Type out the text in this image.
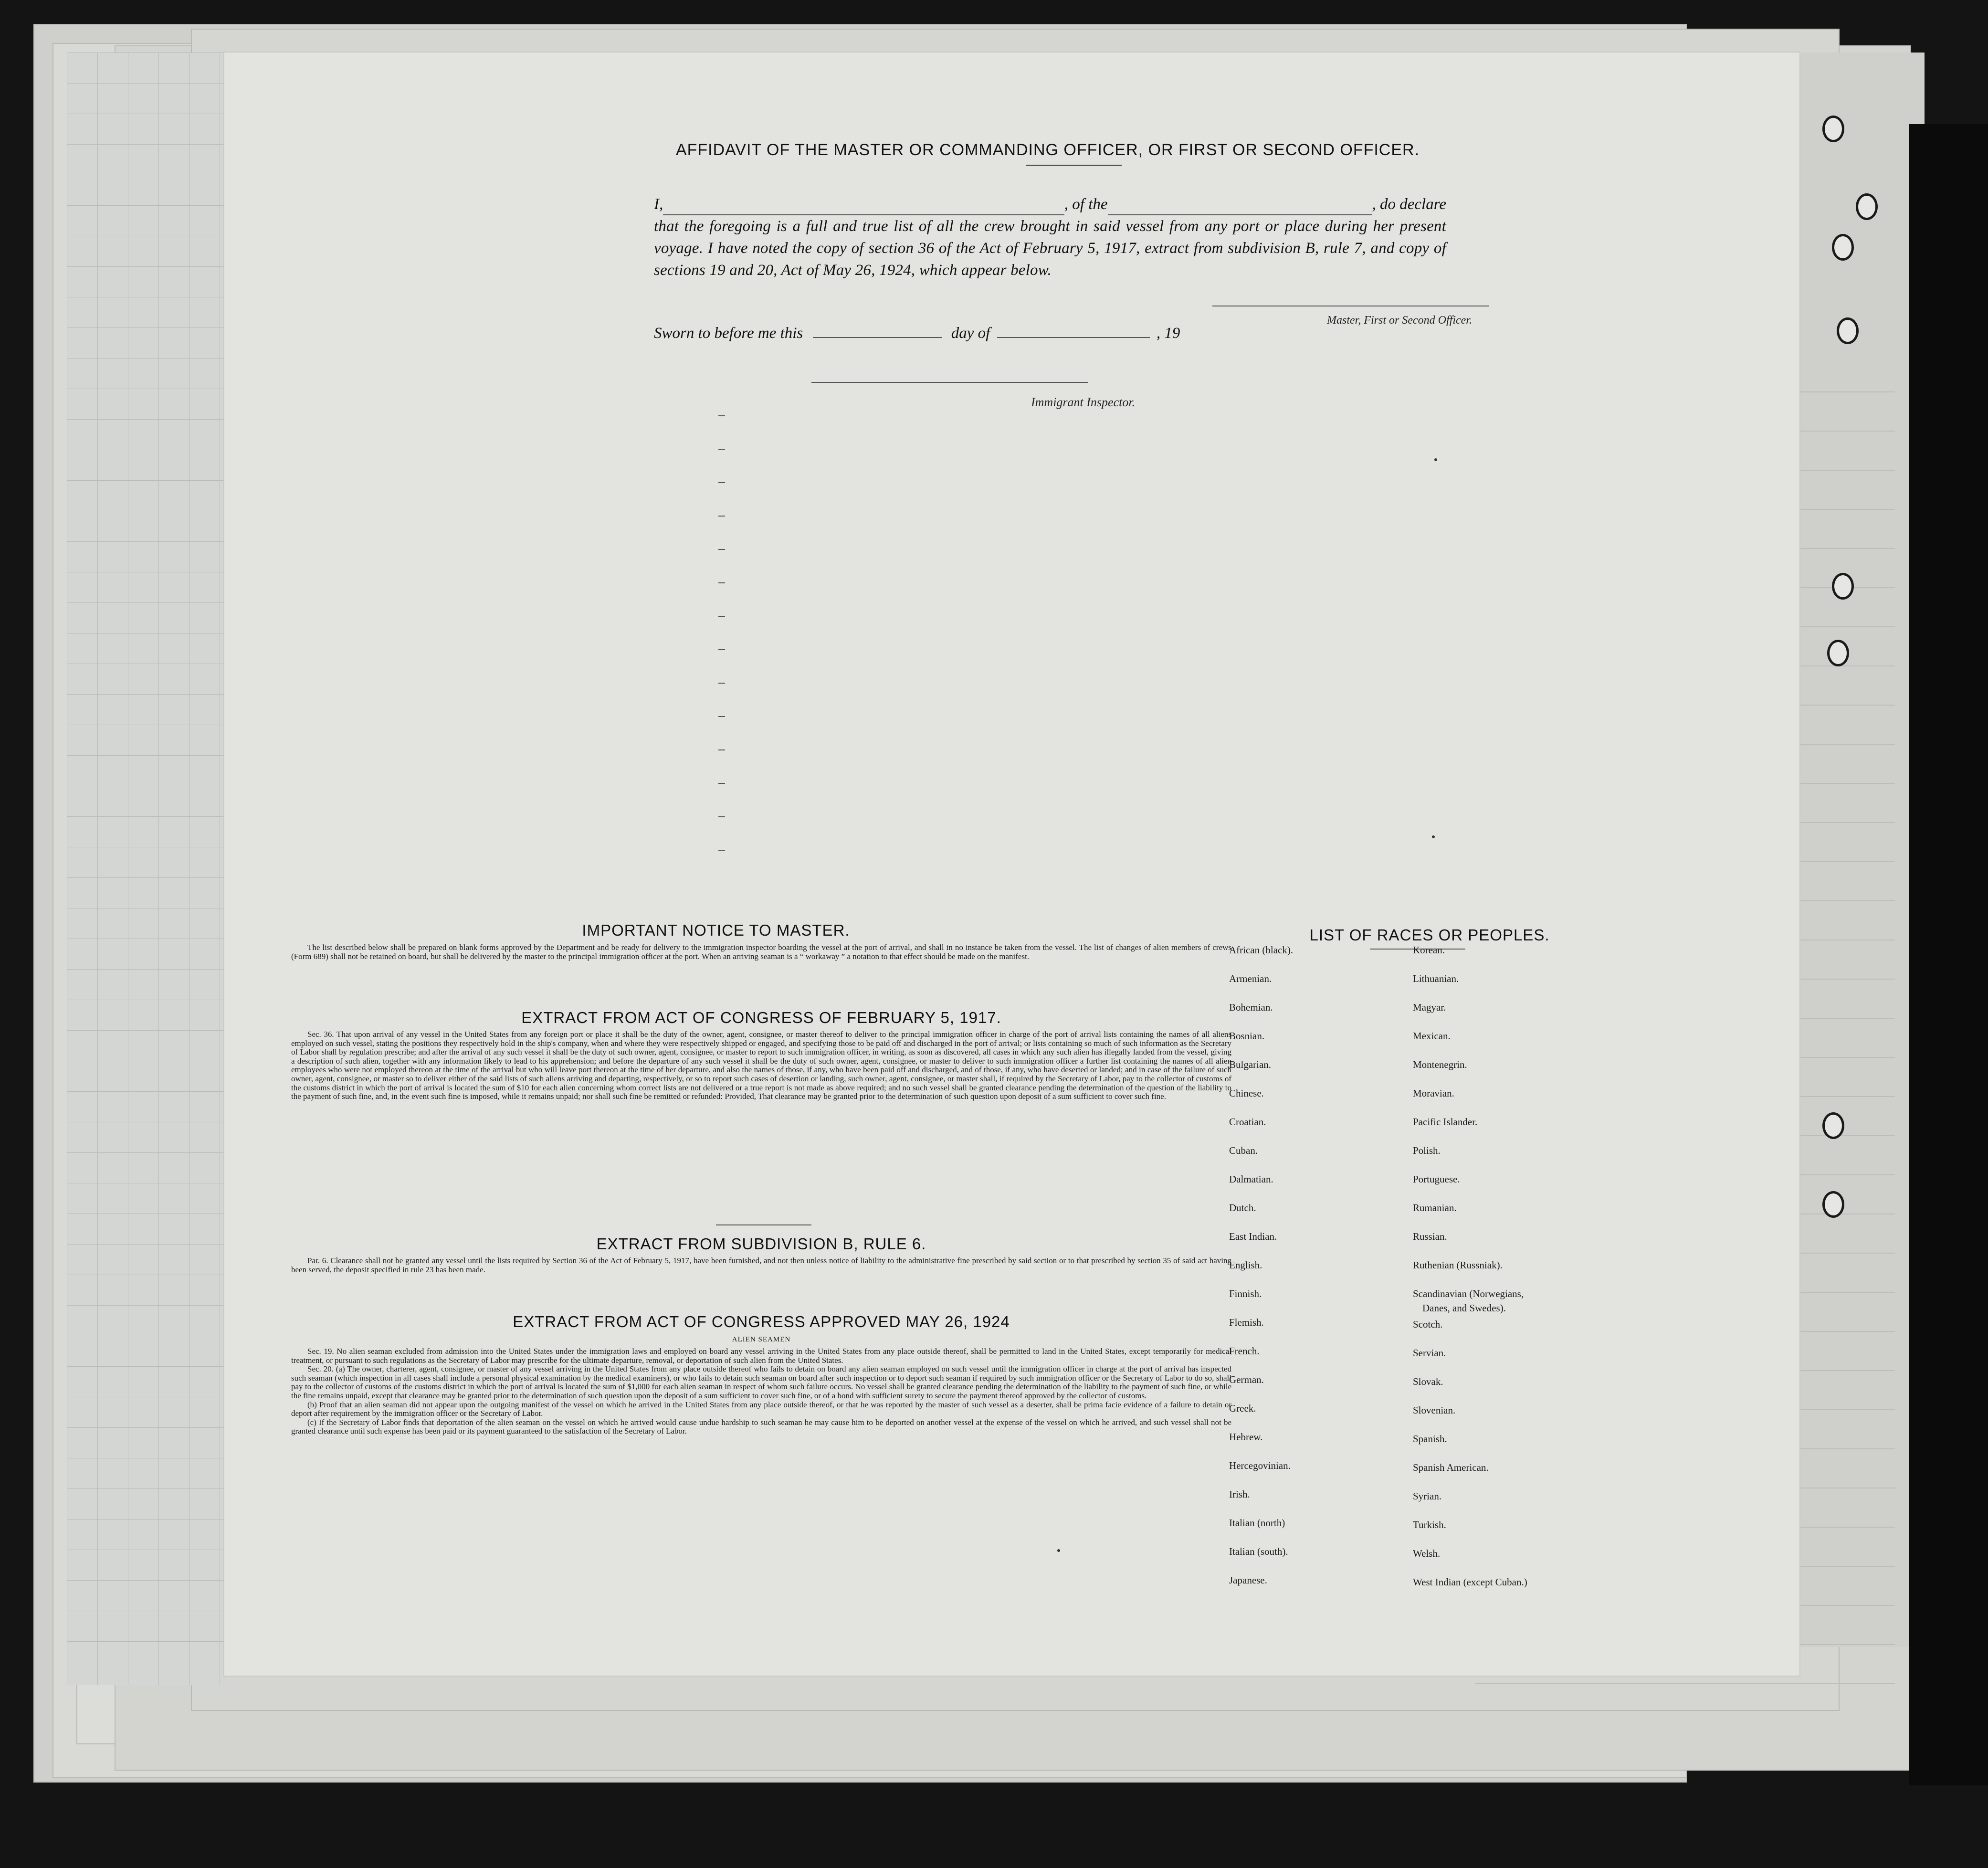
AFFIDAVIT OF THE MASTER OR COMMANDING OFFICER, OR FIRST OR SECOND OFFICER.
I,	, of the	, do declare
that the foregoing is a full and true list of all the crew brought in said vessel from any port or place during her present voyage. I have noted the copy of section 36 of the Act of February 5, 1917, extract from subdivision B, rule 7, and copy of sections 19 and 20, Act of May 26, 1924, which appear below.
Master, First or Second Officer.
Sworn to before me this	day of	, 19
Immigrant Inspector.
IMPORTANT NOTICE TO MASTER.

The list described below shall be prepared on blank forms approved by the Department and be ready for delivery to the immigration inspector boarding the vessel at the port of arrival, and shall in no instance be taken from the vessel. The list of changes of alien members of crews (Form 689) shall not be retained on board, but shall be delivered by the master to the principal immigration officer at the port. When an arriving seaman is a “ workaway ” a notation to that effect should be made on the manifest.

EXTRACT FROM ACT OF CONGRESS OF FEBRUARY 5, 1917.

Sec. 36. That upon arrival of any vessel in the United States from any foreign port or place it shall be the duty of the owner, agent, consignee, or master thereof to deliver to the principal immigration officer in charge of the port of arrival lists containing the names of all aliens employed on such vessel, stating the positions they respectively hold in the ship's company, when and where they were respectively shipped or engaged, and specifying those to be paid off and discharged in the port of arrival; or lists containing so much of such information as the Secretary of Labor shall by regulation prescribe; and after the arrival of any such vessel it shall be the duty of such owner, agent, consignee, or master to report to such immigration officer, in writing, as soon as discovered, all cases in which any such alien has illegally landed from the vessel, giving a description of such alien, together with any information likely to lead to his apprehension; and before the departure of any such vessel it shall be the duty of such owner, agent, consignee, or master to deliver to such immigration officer a further list containing the names of all alien employees who were not employed thereon at the time of the arrival but who will leave port thereon at the time of her departure, and also the names of those, if any, who have been paid off and discharged, and of those, if any, who have deserted or landed; and in case of the failure of such owner, agent, consignee, or master so to deliver either of the said lists of such aliens arriving and departing, respectively, or so to report such cases of desertion or landing, such owner, agent, consignee, or master shall, if required by the Secretary of Labor, pay to the collector of customs of the customs district in which the port of arrival is located the sum of $10 for each alien concerning whom correct lists are not delivered or a true report is not made as above required; and no such vessel shall be granted clearance pending the determination of the question of the liability to the payment of such fine, and, in the event such fine is imposed, while it remains unpaid; nor shall such fine be remitted or refunded: Provided, That clearance may be granted prior to the determination of such question upon deposit of a sum sufficient to cover such fine.

EXTRACT FROM SUBDIVISION B, RULE 6.

Par. 6. Clearance shall not be granted any vessel until the lists required by Section 36 of the Act of February 5, 1917, have been furnished, and not then unless notice of liability to the administrative fine prescribed by said section or to that prescribed by section 35 of said act having been served, the deposit specified in rule 23 has been made.

EXTRACT FROM ACT OF CONGRESS APPROVED MAY 26, 1924
ALIEN SEAMEN

Sec. 19. No alien seaman excluded from admission into the United States under the immigration laws and employed on board any vessel arriving in the United States from any place outside thereof, shall be permitted to land in the United States, except temporarily for medical treatment, or pursuant to such regulations as the Secretary of Labor may prescribe for the ultimate departure, removal, or deportation of such alien from the United States.

Sec. 20. (a) The owner, charterer, agent, consignee, or master of any vessel arriving in the United States from any place outside thereof who fails to detain on board any alien seaman employed on such vessel until the immigration officer in charge at the port of arrival has inspected such seaman (which inspection in all cases shall include a personal physical examination by the medical examiners), or who fails to detain such seaman on board after such inspection or to deport such seaman if required by such immigration officer or the Secretary of Labor to do so, shall pay to the collector of customs of the customs district in which the port of arrival is located the sum of $1,000 for each alien seaman in respect of whom such failure occurs. No vessel shall be granted clearance pending the determination of the liability to the payment of such fine, or while the fine remains unpaid, except that clearance may be granted prior to the determination of such question upon the deposit of a sum sufficient to cover such fine, or of a bond with sufficient surety to secure the payment thereof approved by the collector of customs.

(b) Proof that an alien seaman did not appear upon the outgoing manifest of the vessel on which he arrived in the United States from any place outside thereof, or that he was reported by the master of such vessel as a deserter, shall be prima facie evidence of a failure to detain or deport after requirement by the immigration officer or the Secretary of Labor.

(c) If the Secretary of Labor finds that deportation of the alien seaman on the vessel on which he arrived would cause undue hardship to such seaman he may cause him to be deported on another vessel at the expense of the vessel on which he arrived, and such vessel shall not be granted clearance until such expense has been paid or its payment guaranteed to the satisfaction of the Secretary of Labor.

LIST OF RACES OR PEOPLES.
African (black).
Armenian.
Bohemian.
Bosnian.
Bulgarian.
Chinese.
Croatian.
Cuban.
Dalmatian.
Dutch.
East Indian.
English.
Finnish.
Flemish.
French.
German.
Greek.
Hebrew.
Hercegovinian.
Irish.
Italian (north)
Italian (south).
Japanese.
Korean.
Lithuanian.
Magyar.
Mexican.
Montenegrin.
Moravian.
Pacific Islander.
Polish.
Portuguese.
Rumanian.
Russian.
Ruthenian (Russniak).
Scandinavian (Norwegians,
Danes, and Swedes).
Scotch.
Servian.
Slovak.
Slovenian.
Spanish.
Spanish American.
Syrian.
Turkish.
Welsh.
West Indian (except Cuban.)
